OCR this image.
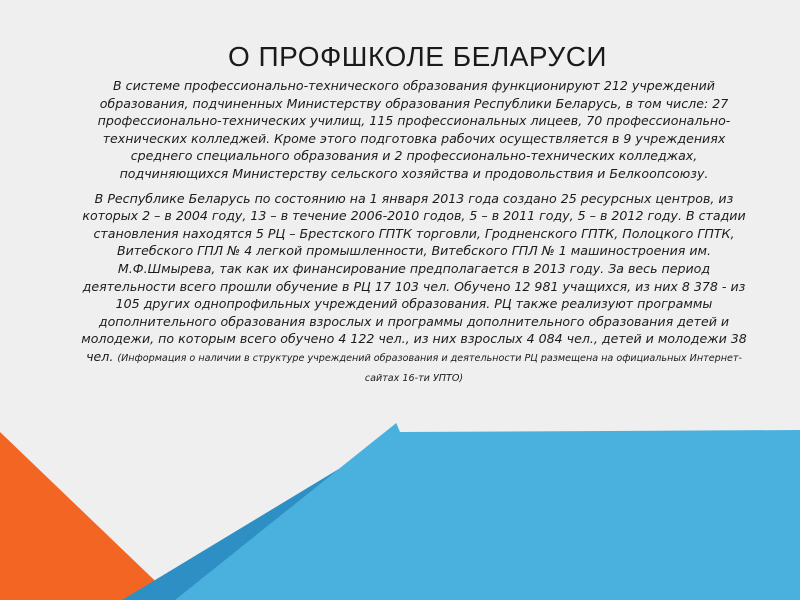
О ПРОФШКОЛЕ БЕЛАРУСИ

В системе профессионально-технического образования функционируют 212 учреждений образования, подчиненных Министерству образования Республики Беларусь, в том числе: 27 профессионально-технических училищ, 115 профессиональных лицеев, 70 профессионально-технических колледжей. Кроме этого подготовка рабочих осуществляется в 9 учреждениях среднего специального образования и 2 профессионально-технических колледжах, подчиняющихся Министерству сельского хозяйства и продовольствия и Белкоопсоюзу.

В Республике Беларусь по состоянию на 1 января 2013 года создано 25 ресурсных центров, из которых 2 – в 2004 году, 13 – в течение 2006-2010 годов, 5 – в 2011 году, 5 – в 2012 году. В стадии становления находятся 5 РЦ – Брестского ГПТК торговли, Гродненского ГПТК, Полоцкого ГПТК, Витебского ГПЛ № 4 легкой промышленности, Витебского ГПЛ № 1 машиностроения им. М.Ф.Шмырева, так как их финансирование предполагается в 2013 году. За весь период деятельности всего прошли обучение в РЦ 17 103 чел. Обучено 12 981 учащихся, из них 8 378 - из 105 других однопрофильных учреждений образования. РЦ также реализуют программы дополнительного образования взрослых и программы дополнительного образования детей и молодежи, по которым всего обучено 4 122 чел., из них взрослых 4 084 чел., детей и молодежи 38 чел. (Информация о наличии в структуре учреждений образования и деятельности РЦ размещена на официальных Интернет-сайтах 16-ти УПТО)
